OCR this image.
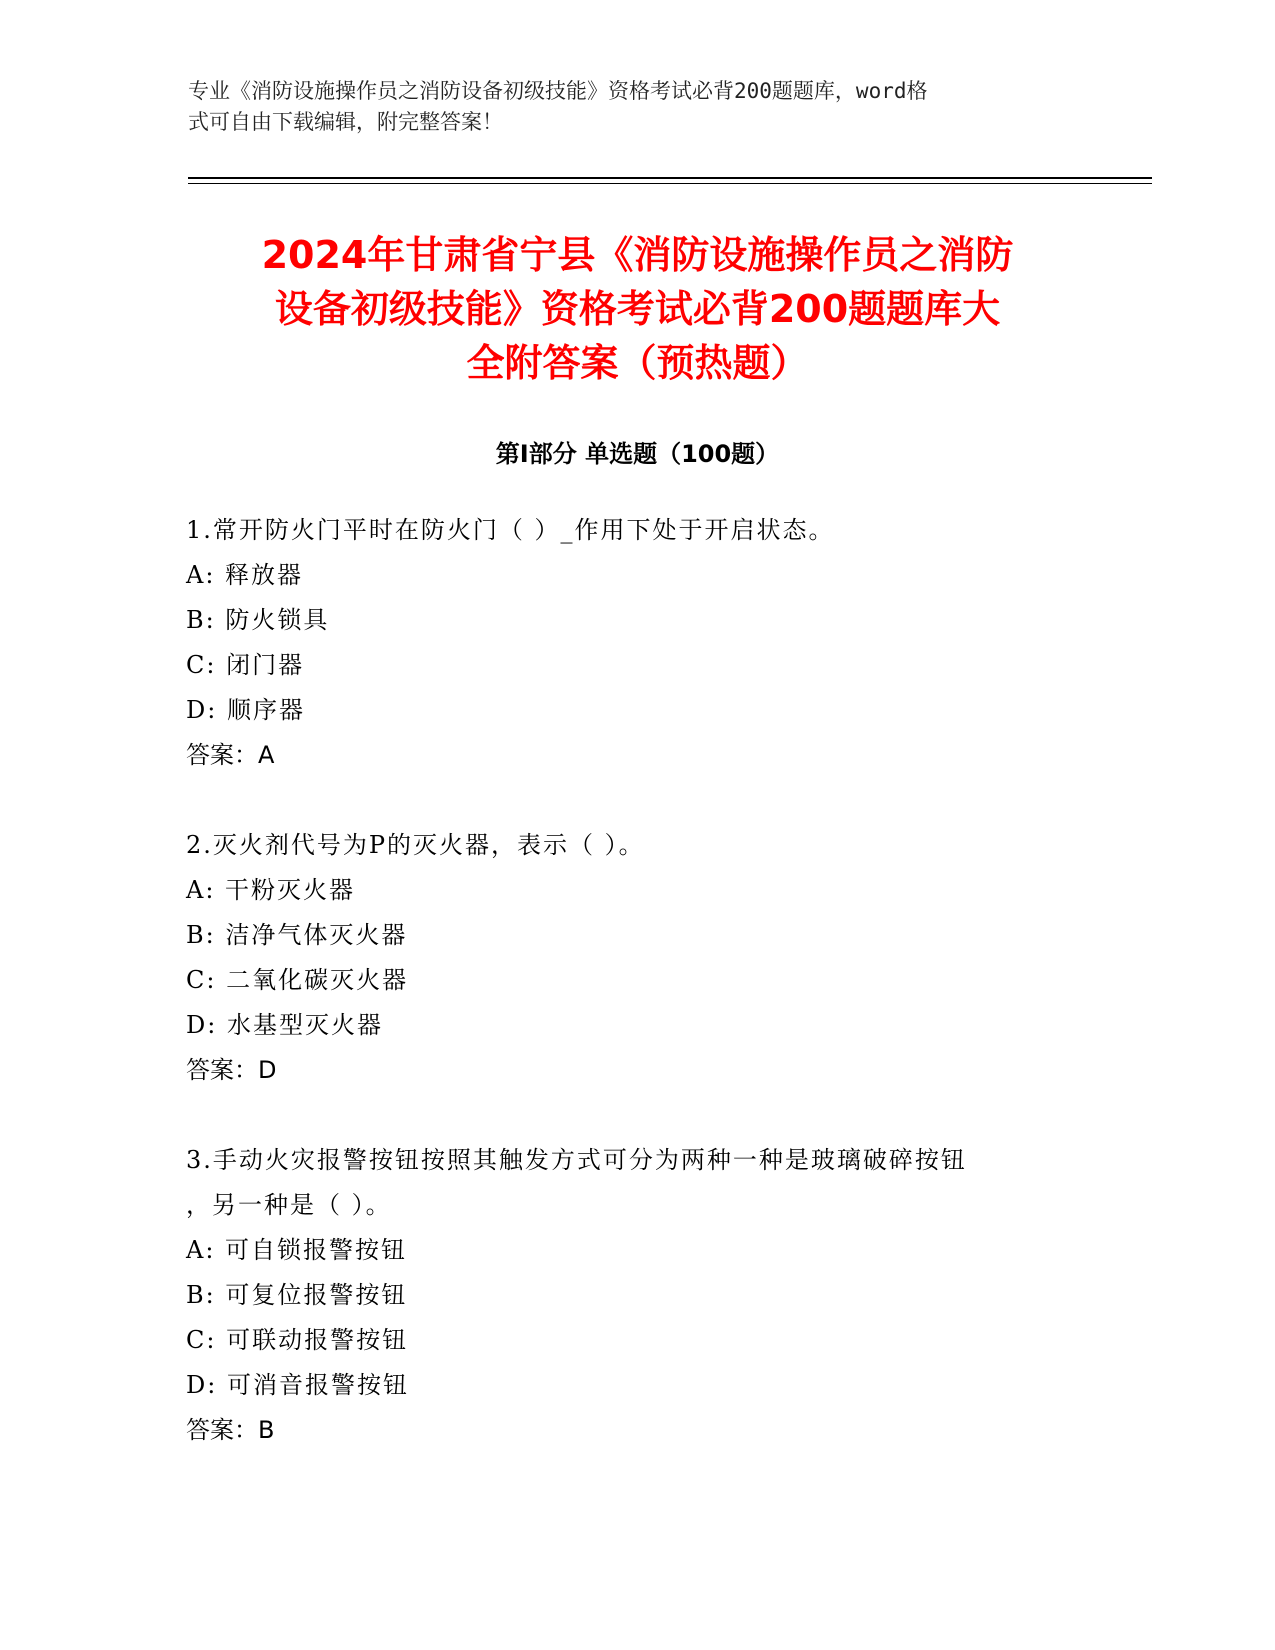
专业《消防设施操作员之消防设备初级技能》资格考试必背200题题库，word格
式可自由下载编辑，附完整答案！
2024年甘肃省宁县《消防设施操作员之消防
设备初级技能》资格考试必背200题题库大
全附答案（预热题）
第Ⅰ部分 单选题（100题）
1.常开防火门平时在防火门（ ）_作用下处于开启状态。
A: 释放器
B: 防火锁具
C: 闭门器
D: 顺序器
答案：A
2.灭火剂代号为P的灭火器，表示（ ）。
A: 干粉灭火器
B: 洁净气体灭火器
C: 二氧化碳灭火器
D: 水基型灭火器
答案：D
3.手动火灾报警按钮按照其触发方式可分为两种一种是玻璃破碎按钮
，另一种是（ ）。
A: 可自锁报警按钮
B: 可复位报警按钮
C: 可联动报警按钮
D: 可消音报警按钮
答案：B
